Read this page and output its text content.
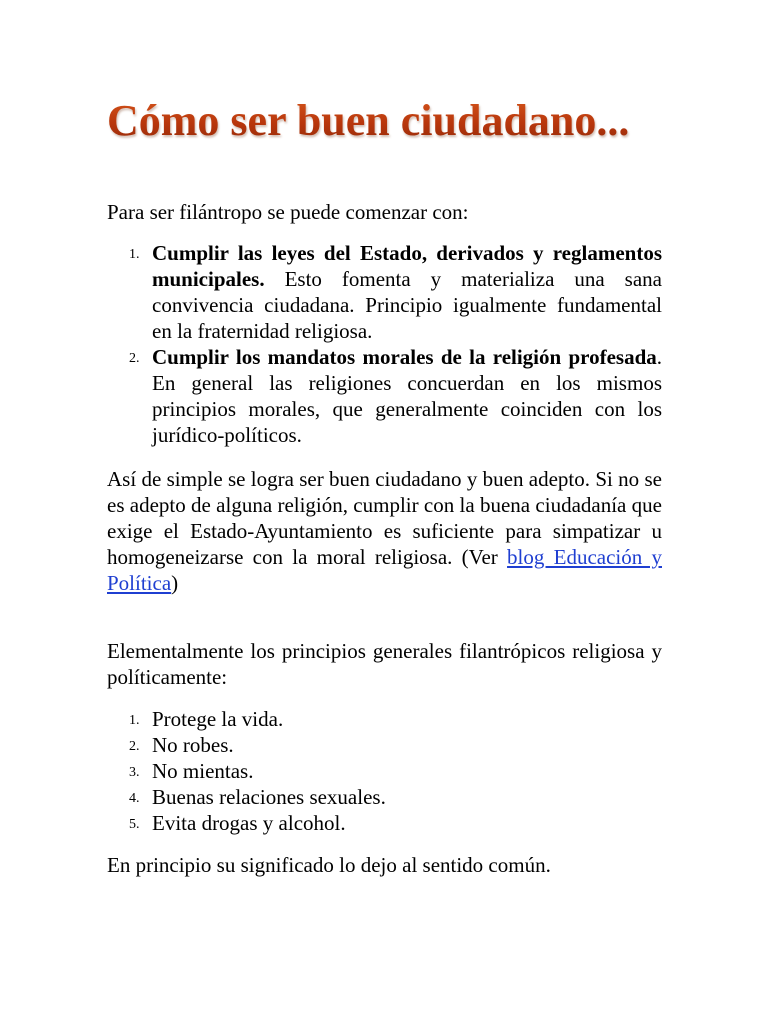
Cómo ser buen ciudadano...

Para ser filántropo se puede comenzar con:

1. Cumplir las leyes del Estado, derivados y reglamentos municipales. Esto fomenta y materializa una sana convivencia ciudadana. Principio igualmente fundamental en la fraternidad religiosa.
2. Cumplir los mandatos morales de la religión profesada. En general las religiones concuerdan en los mismos principios morales, que generalmente coinciden con los jurídico-políticos.

Así de simple se logra ser buen ciudadano y buen adepto. Si no se es adepto de alguna religión, cumplir con la buena ciudadanía que exige el Estado-Ayuntamiento es suficiente para simpatizar u homogeneizarse con la moral religiosa. (Ver blog Educación y Política)

Elementalmente los principios generales filantrópicos religiosa y políticamente:

1. Protege la vida.
2. No robes.
3. No mientas.
4. Buenas relaciones sexuales.
5. Evita drogas y alcohol.

En principio su significado lo dejo al sentido común.
